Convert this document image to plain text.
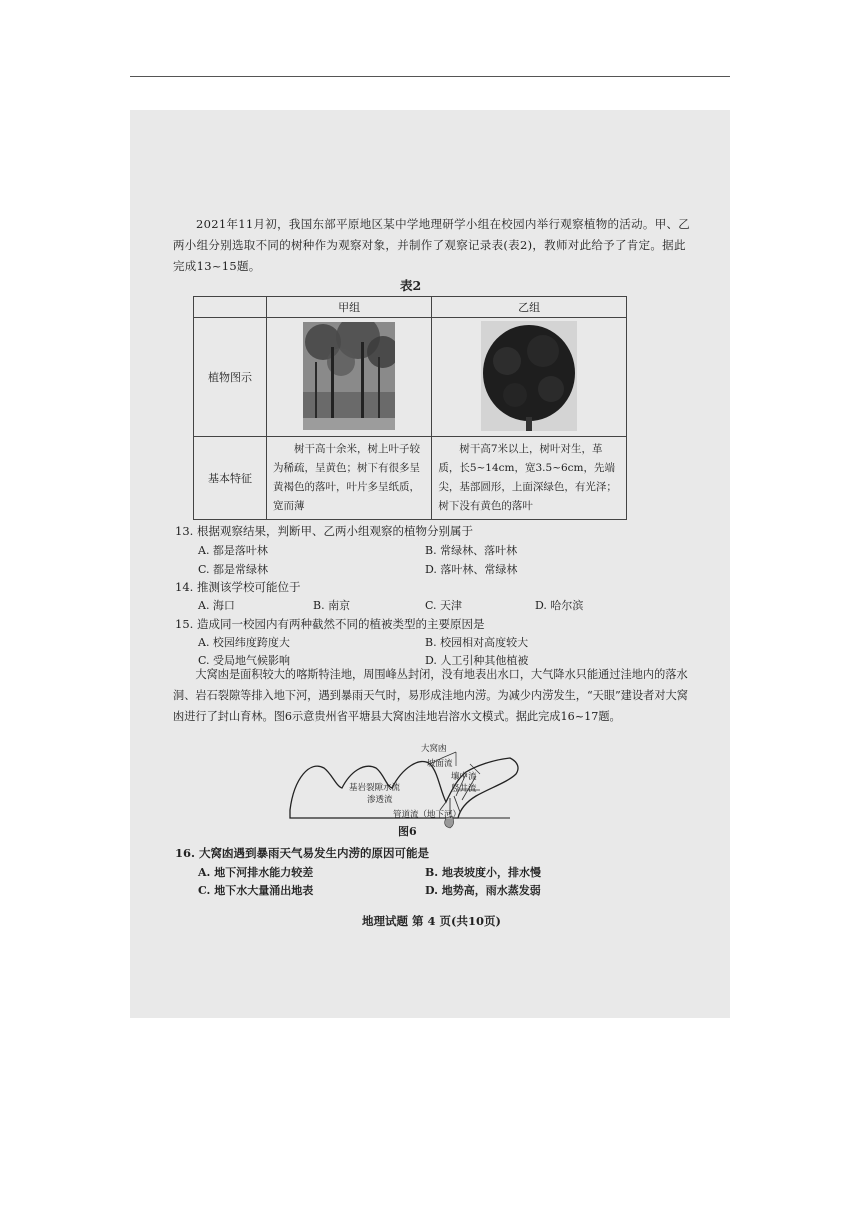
2021年11月初，我国东部平原地区某中学地理研学小组在校园内举行观察植物的活动。甲、乙两小组分别选取不同的树种作为观察对象，并制作了观察记录表(表2)，教师对此给予了肯定。据此完成13~15题。
表2
	甲组	乙组
植物图示		
基本特征	树干高十余米，树上叶子较为稀疏，呈黄色；树下有很多呈黄褐色的落叶，叶片多呈纸质，宽而薄	树干高7米以上，树叶对生，革质，长5~14cm，宽3.5~6cm，先端尖，基部圆形，上面深绿色，有光泽；树下没有黄色的落叶
13. 根据观察结果，判断甲、乙两小组观察的植物分别属于
A. 都是落叶林	B. 常绿林、落叶林
C. 都是常绿林	D. 落叶林、常绿林
14. 推测该学校可能位于
A. 海口	B. 南京	C. 天津	D. 哈尔滨
15. 造成同一校园内有两种截然不同的植被类型的主要原因是
A. 校园纬度跨度大	B. 校园相对高度较大
C. 受局地气候影响	D. 人工引种其他植被
大窝凼是面积较大的喀斯特洼地，周围峰丛封闭，没有地表出水口，大气降水只能通过洼地内的落水洞、岩石裂隙等排入地下河，遇到暴雨天气时，易形成洼地内涝。为减少内涝发生，“天眼”建设者对大窝凼进行了封山育林。图6示意贵州省平塘县大窝凼洼地岩溶水文模式。据此完成16~17题。
大窝凼
坡面流
壤中流
基岩裂隙水流	竖井流
渗透流
管道流（地下河）
图6
16. 大窝凼遇到暴雨天气易发生内涝的原因可能是
A. 地下河排水能力较差	B. 地表坡度小，排水慢
C. 地下水大量涌出地表	D. 地势高，雨水蒸发弱
地理试题 第 4 页(共10页)
